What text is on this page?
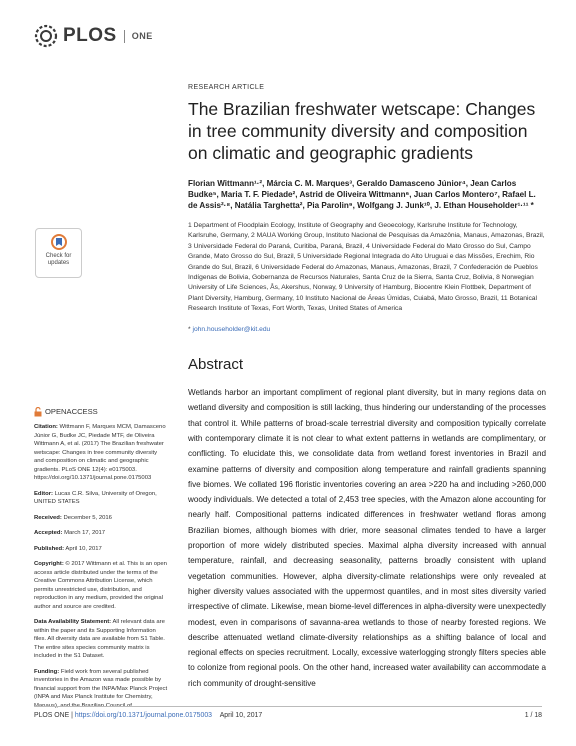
PLOS ONE
Check for updates
RESEARCH ARTICLE
The Brazilian freshwater wetscape: Changes in tree community diversity and composition on climatic and geographic gradients
Florian Wittmann¹·², Márcia C. M. Marques³, Geraldo Damasceno Júnior⁴, Jean Carlos Budke⁵, Maria T. F. Piedade², Astrid de Oliveira Wittmann⁶, Juan Carlos Montero⁷, Rafael L. de Assis²·⁸, Natália Targhetta², Pia Parolin⁹, Wolfgang J. Junk¹⁰, J. Ethan Householder¹·¹¹ *
1 Department of Floodplain Ecology, Institute of Geography and Geoecology, Karlsruhe Institute for Technology, Karlsruhe, Germany, 2 MAUA Working Group, Instituto Nacional de Pesquisas da Amazônia, Manaus, Amazonas, Brazil, 3 Universidade Federal do Paraná, Curitiba, Paraná, Brazil, 4 Universidade Federal do Mato Grosso do Sul, Campo Grande, Mato Grosso do Sul, Brazil, 5 Universidade Regional Integrada do Alto Uruguai e das Missões, Erechim, Rio Grande do Sul, Brazil, 6 Universidade Federal do Amazonas, Manaus, Amazonas, Brazil, 7 Confederación de Pueblos Indígenas de Bolivia, Gobernanza de Recursos Naturales, Santa Cruz de la Sierra, Santa Cruz, Bolivia, 8 Norwegian University of Life Sciences, Ås, Akershus, Norway, 9 University of Hamburg, Biocentre Klein Flottbek, Department of Plant Diversity, Hamburg, Germany, 10 Instituto Nacional de Áreas Úmidas, Cuiabá, Mato Grosso, Brazil, 11 Botanical Research Institute of Texas, Fort Worth, Texas, United States of America
* john.householder@kit.edu
Abstract
Wetlands harbor an important compliment of regional plant diversity, but in many regions data on wetland diversity and composition is still lacking, thus hindering our understanding of the processes that control it. While patterns of broad-scale terrestrial diversity and composition typically correlate with contemporary climate it is not clear to what extent patterns in wetlands are complimentary, or conflicting. To elucidate this, we consolidate data from wetland forest inventories in Brazil and examine patterns of diversity and composition along temperature and rainfall gradients spanning five biomes. We collated 196 floristic inventories covering an area >220 ha and including >260,000 woody individuals. We detected a total of 2,453 tree species, with the Amazon alone accounting for nearly half. Compositional patterns indicated differences in freshwater wetland floras among Brazilian biomes, although biomes with drier, more seasonal climates tended to have a larger proportion of more widely distributed species. Maximal alpha diversity increased with annual temperature, rainfall, and decreasing seasonality, patterns broadly consistent with upland vegetation communities. However, alpha diversity-climate relationships were only revealed at higher diversity values associated with the uppermost quantiles, and in most sites diversity varied irrespective of climate. Likewise, mean biome-level differences in alpha-diversity were unexpectedly modest, even in comparisons of savanna-area wetlands to those of nearby forested regions. We describe attenuated wetland climate-diversity relationships as a shifting balance of local and regional effects on species recruitment. Locally, excessive waterlogging strongly filters species able to colonize from regional pools. On the other hand, increased water availability can accommodate a rich community of drought-sensitive
OPENACCESS

Citation: Wittmann F, Marques MCM, Damasceno Júnior G, Budke JC, Piedade MTF, de Oliveira Wittmann A, et al. (2017) The Brazilian freshwater wetscape: Changes in tree community diversity and composition on climatic and geographic gradients. PLoS ONE 12(4): e0175003. https://doi.org/10.1371/journal.pone.0175003

Editor: Lucas C.R. Silva, University of Oregon, UNITED STATES

Received: December 5, 2016

Accepted: March 17, 2017

Published: April 10, 2017

Copyright: © 2017 Wittmann et al. This is an open access article distributed under the terms of the Creative Commons Attribution License, which permits unrestricted use, distribution, and reproduction in any medium, provided the original author and source are credited.

Data Availability Statement: All relevant data are within the paper and its Supporting Information files. All diversity data are available from S1 Table. The entire sites species community matrix is included in the S1 Dataset.

Funding: Field work from several published inventories in the Amazon was made possible by financial support from the INPA/Max Planck Project (INPA and Max Planck Institute for Chemistry,

PLOS ONE | https://doi.org/10.1371/journal.pone.0175003 April 10, 2017	1 / 18
